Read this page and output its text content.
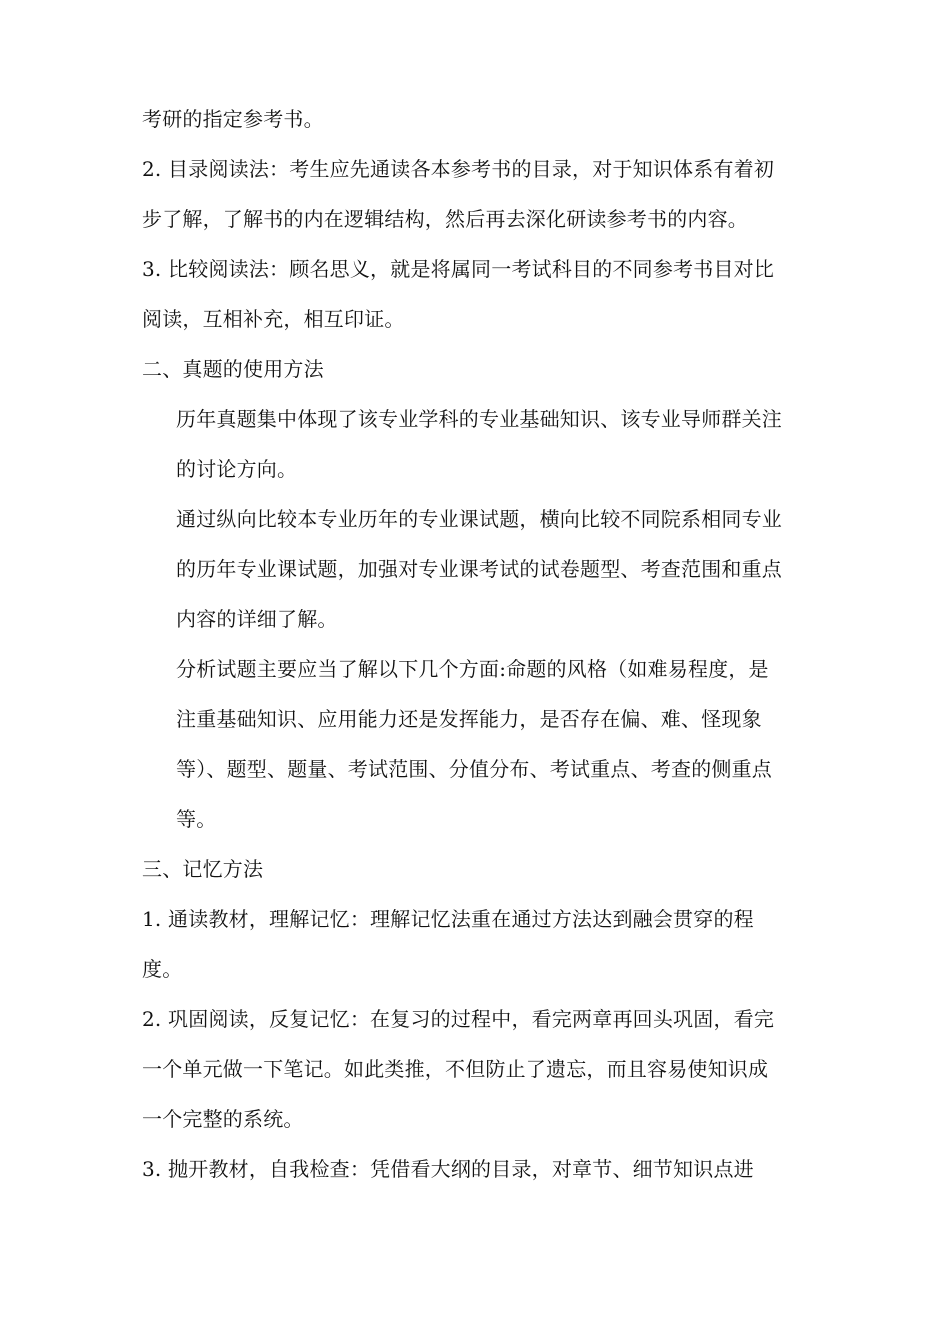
考研的指定参考书。
2. 目录阅读法：考生应先通读各本参考书的目录，对于知识体系有着初
步了解，了解书的内在逻辑结构，然后再去深化研读参考书的内容。
3. 比较阅读法：顾名思义，就是将属同一考试科目的不同参考书目对比
阅读，互相补充，相互印证。
二、真题的使用方法
历年真题集中体现了该专业学科的专业基础知识、该专业导师群关注
的讨论方向。
通过纵向比较本专业历年的专业课试题，横向比较不同院系相同专业
的历年专业课试题，加强对专业课考试的试卷题型、考查范围和重点
内容的详细了解。
分析试题主要应当了解以下几个方面:命题的风格（如难易程度，是
注重基础知识、应用能力还是发挥能力，是否存在偏、难、怪现象
等）、题型、题量、考试范围、分值分布、考试重点、考查的侧重点
等。
三、记忆方法
1. 通读教材，理解记忆：理解记忆法重在通过方法达到融会贯穿的程
度。
2. 巩固阅读，反复记忆：在复习的过程中，看完两章再回头巩固，看完
一个单元做一下笔记。如此类推，不但防止了遗忘，而且容易使知识成
一个完整的系统。
3. 抛开教材，自我检查：凭借看大纲的目录，对章节、细节知识点进
